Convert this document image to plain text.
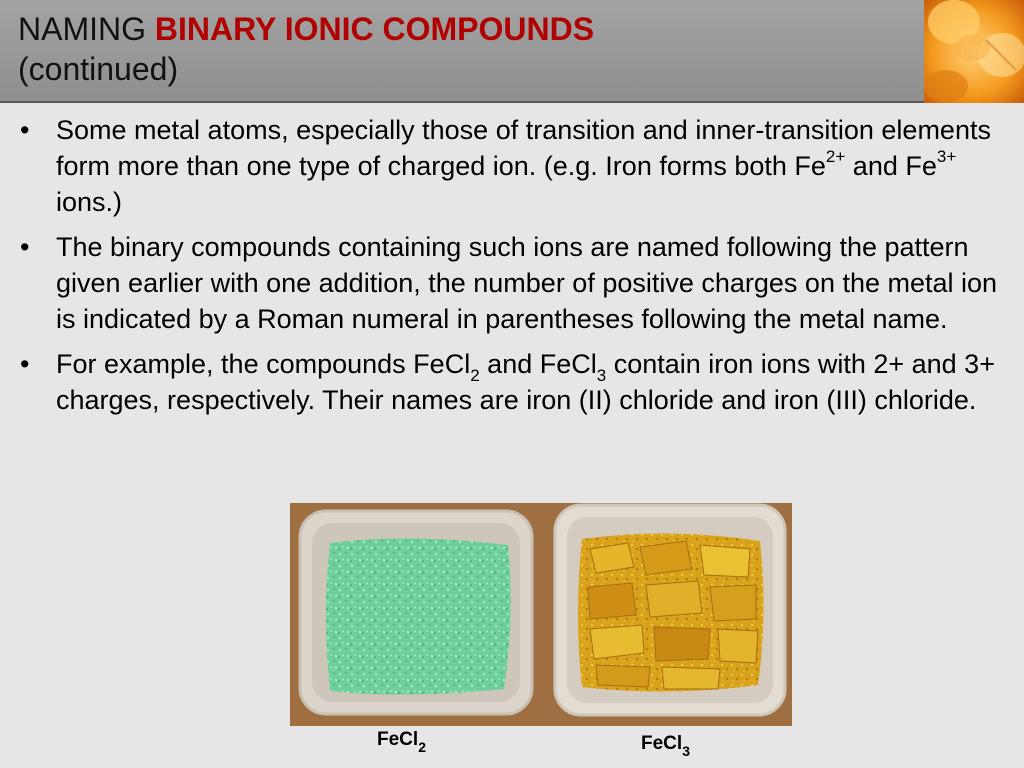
NAMING BINARY IONIC COMPOUNDS
(continued)
• Some metal atoms, especially those of transition and inner-transition elements form more than one type of charged ion. (e.g. Iron forms both $Fe^{2+}$ and $Fe^{3+}$ ions.)
• The binary compounds containing such ions are named following the pattern given earlier with one addition, the number of positive charges on the metal ion is indicated by a Roman numeral in parentheses following the metal name.
• For example, the compounds FeCl$_2$ and FeCl$_3$ contain iron ions with 2+ and 3+ charges, respectively. Their names are iron (II) chloride and iron (III) chloride.
FeCl$_2$	FeCl$_3$
